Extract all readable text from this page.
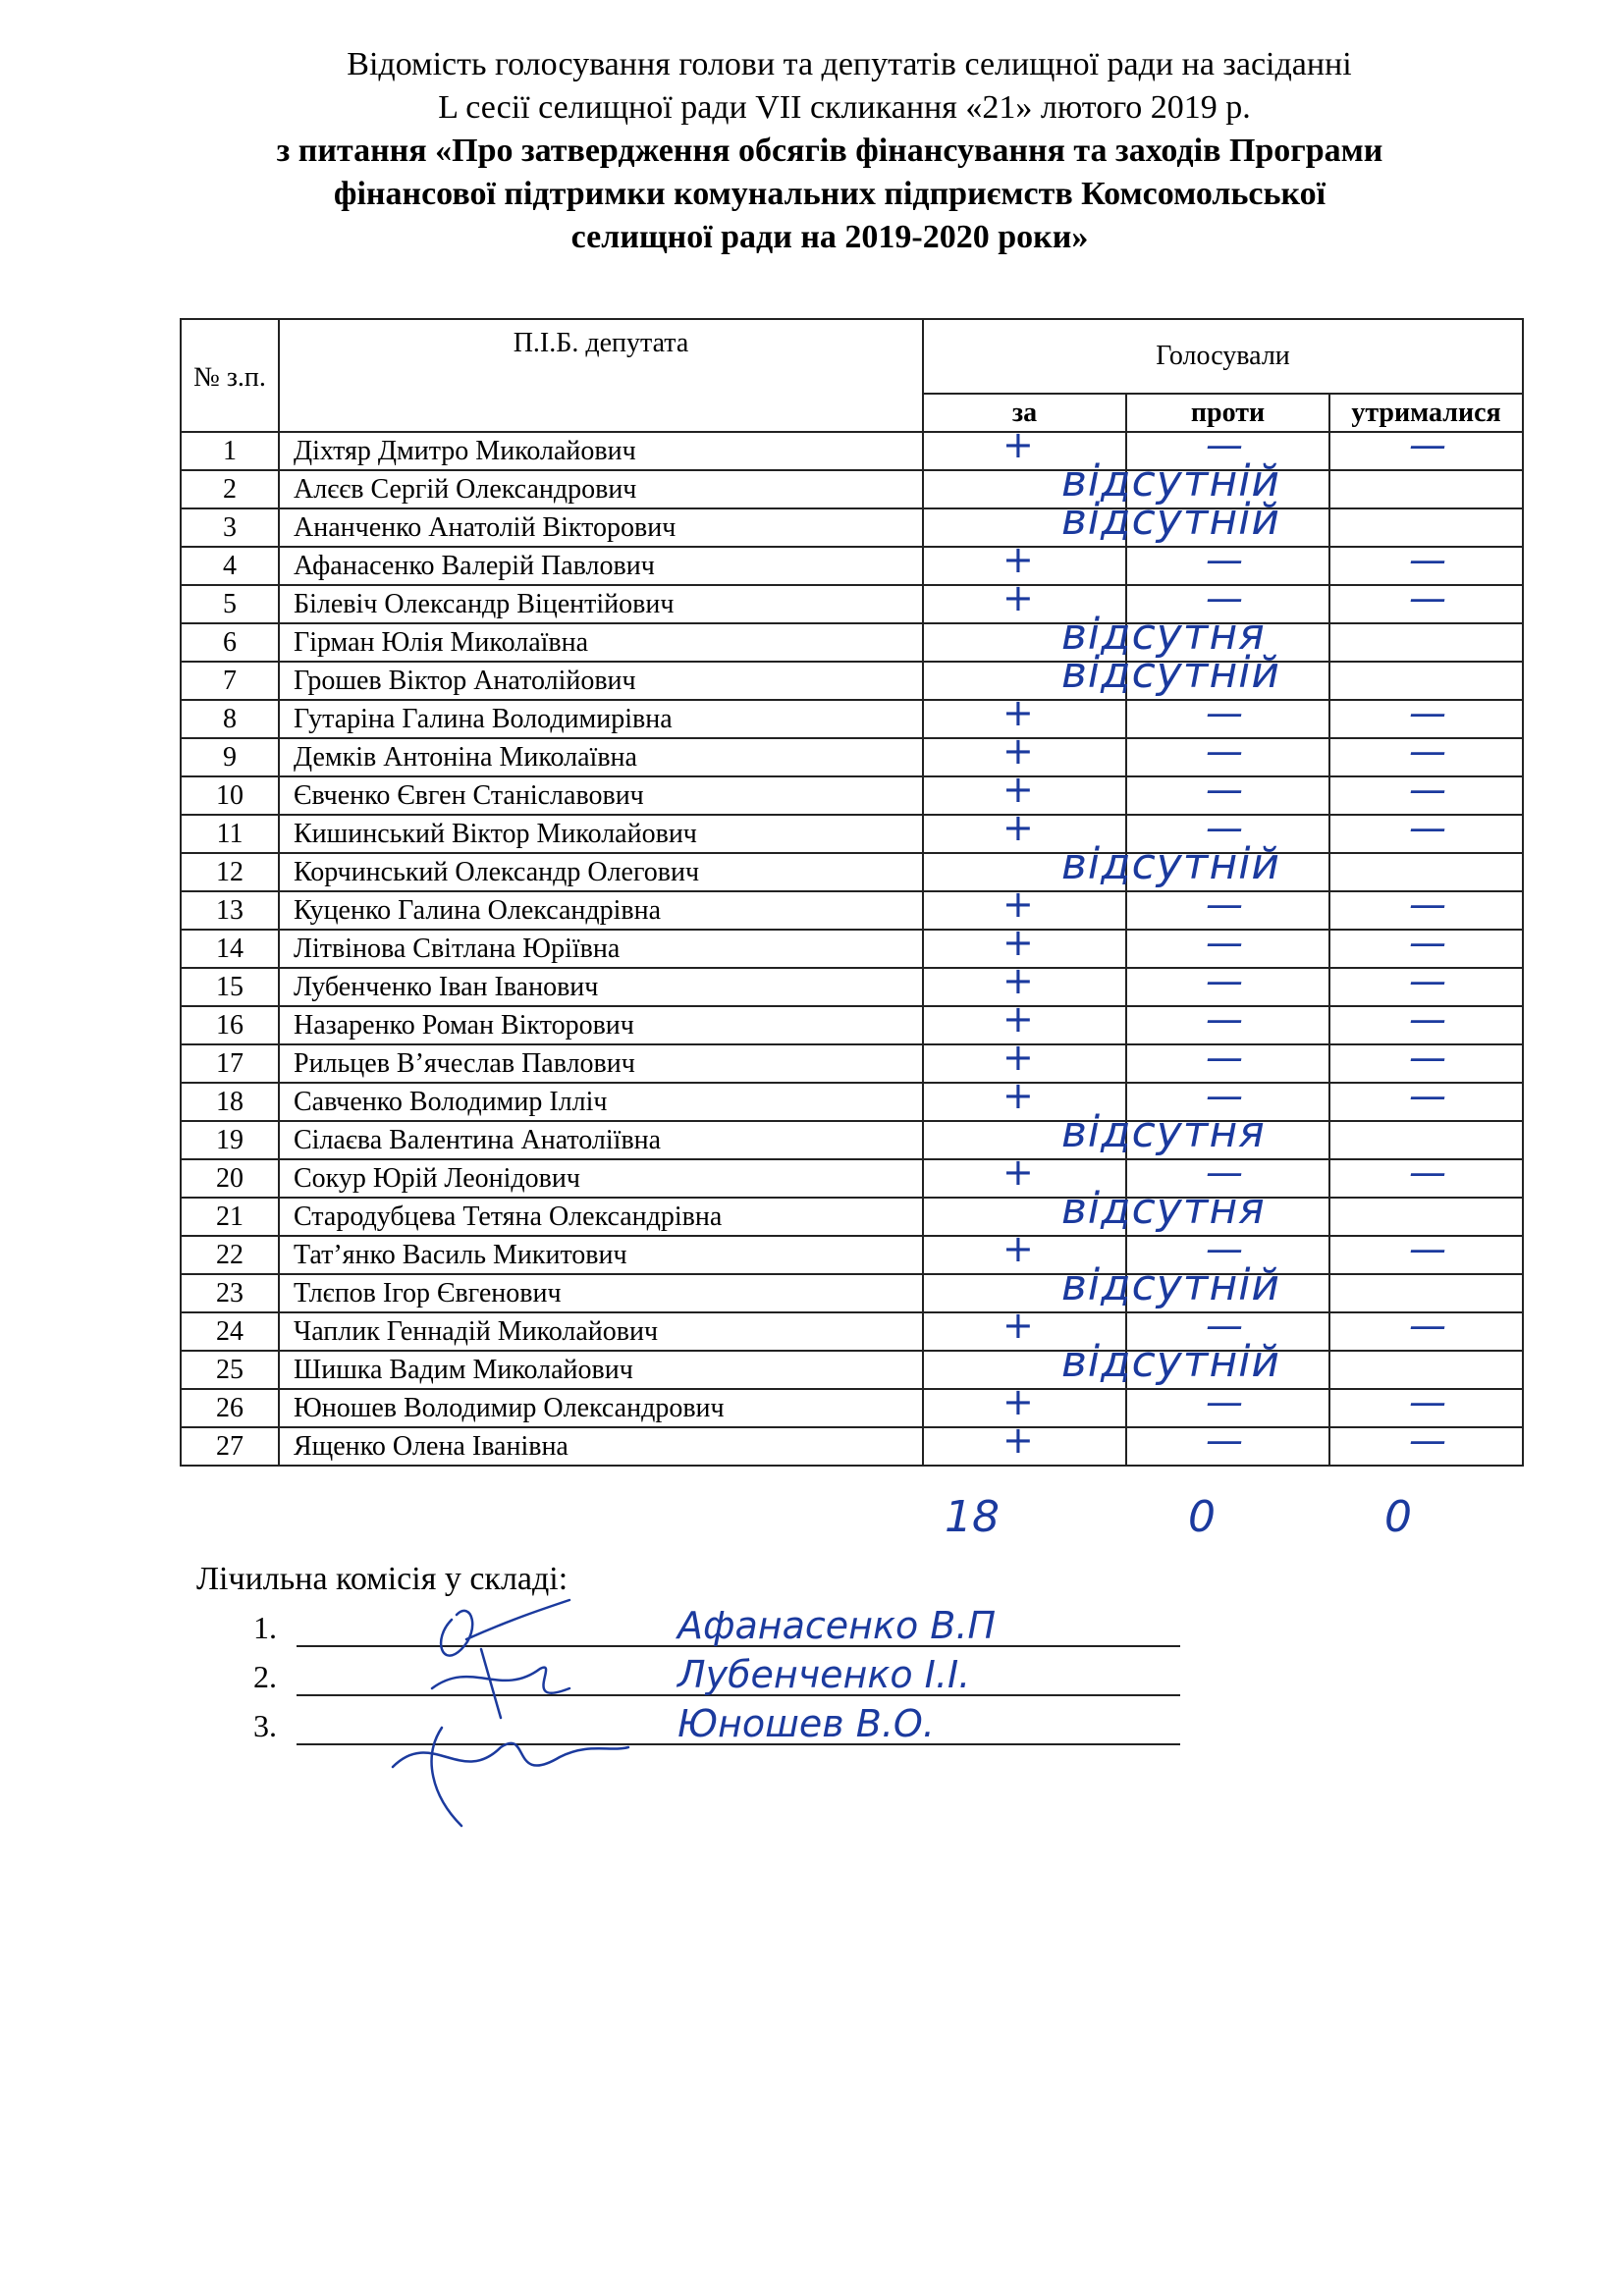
Відомість голосування голови та депутатів селищної ради на засіданні
L сесії селищної ради VII скликання «21» лютого 2019 р.
з питання «Про затвердження обсягів фінансування та заходів Програми
фінансової підтримки комунальних підприємств Комсомольської
селищної ради на 2019-2020 роки»
№ з.п.	П.І.Б. депутата	Голосували		
		за	проти	утрималися
1	Діхтяр Дмитро Миколайович	+	—	—

2	Алєєв Сергій Олександрович	відсутній		

3	Ананченко Анатолій Вікторович	відсутній		

4	Афанасенко Валерій Павлович	+	—	—

5	Білевіч Олександр Віцентійович	+	—	—

6	Гірман Юлія Миколаївна	відсутня		

7	Грошев Віктор Анатолійович	відсутній		

8	Гутаріна Галина Володимирівна	+	—	—

9	Демків Антоніна Миколаївна	+	—	—

10	Євченко Євген Станіславович	+	—	—

11	Кишинський Віктор Миколайович	+	—	—

12	Корчинський Олександр Олегович	відсутній		

13	Куценко Галина Олександрівна	+	—	—

14	Літвінова Світлана Юріївна	+	—	—

15	Лубенченко Іван Іванович	+	—	—

16	Назаренко Роман Вікторович	+	—	—

17	Рильцев В’ячеслав Павлович	+	—	—

18	Савченко Володимир Ілліч	+	—	—

19	Сілаєва Валентина Анатоліївна	відсутня		

20	Сокур Юрій Леонідович	+	—	—

21	Стародубцева Тетяна Олександрівна	відсутня		

22	Тат’янко Василь Микитович	+	—	—

23	Тлєпов Ігор Євгенович	відсутній		

24	Чаплик Геннадій Миколайович	+	—	—

25	Шишка Вадим Миколайович	відсутній		

26	Юношев Володимир Олександрович	+	—	—

27	Ященко Олена Іванівна	+	—	—
18	0	0
Лічильна комісія у складі:
1.	Афанасенко В.П
2.	Лубенченко І.І.
3.	Юношев В.О.
